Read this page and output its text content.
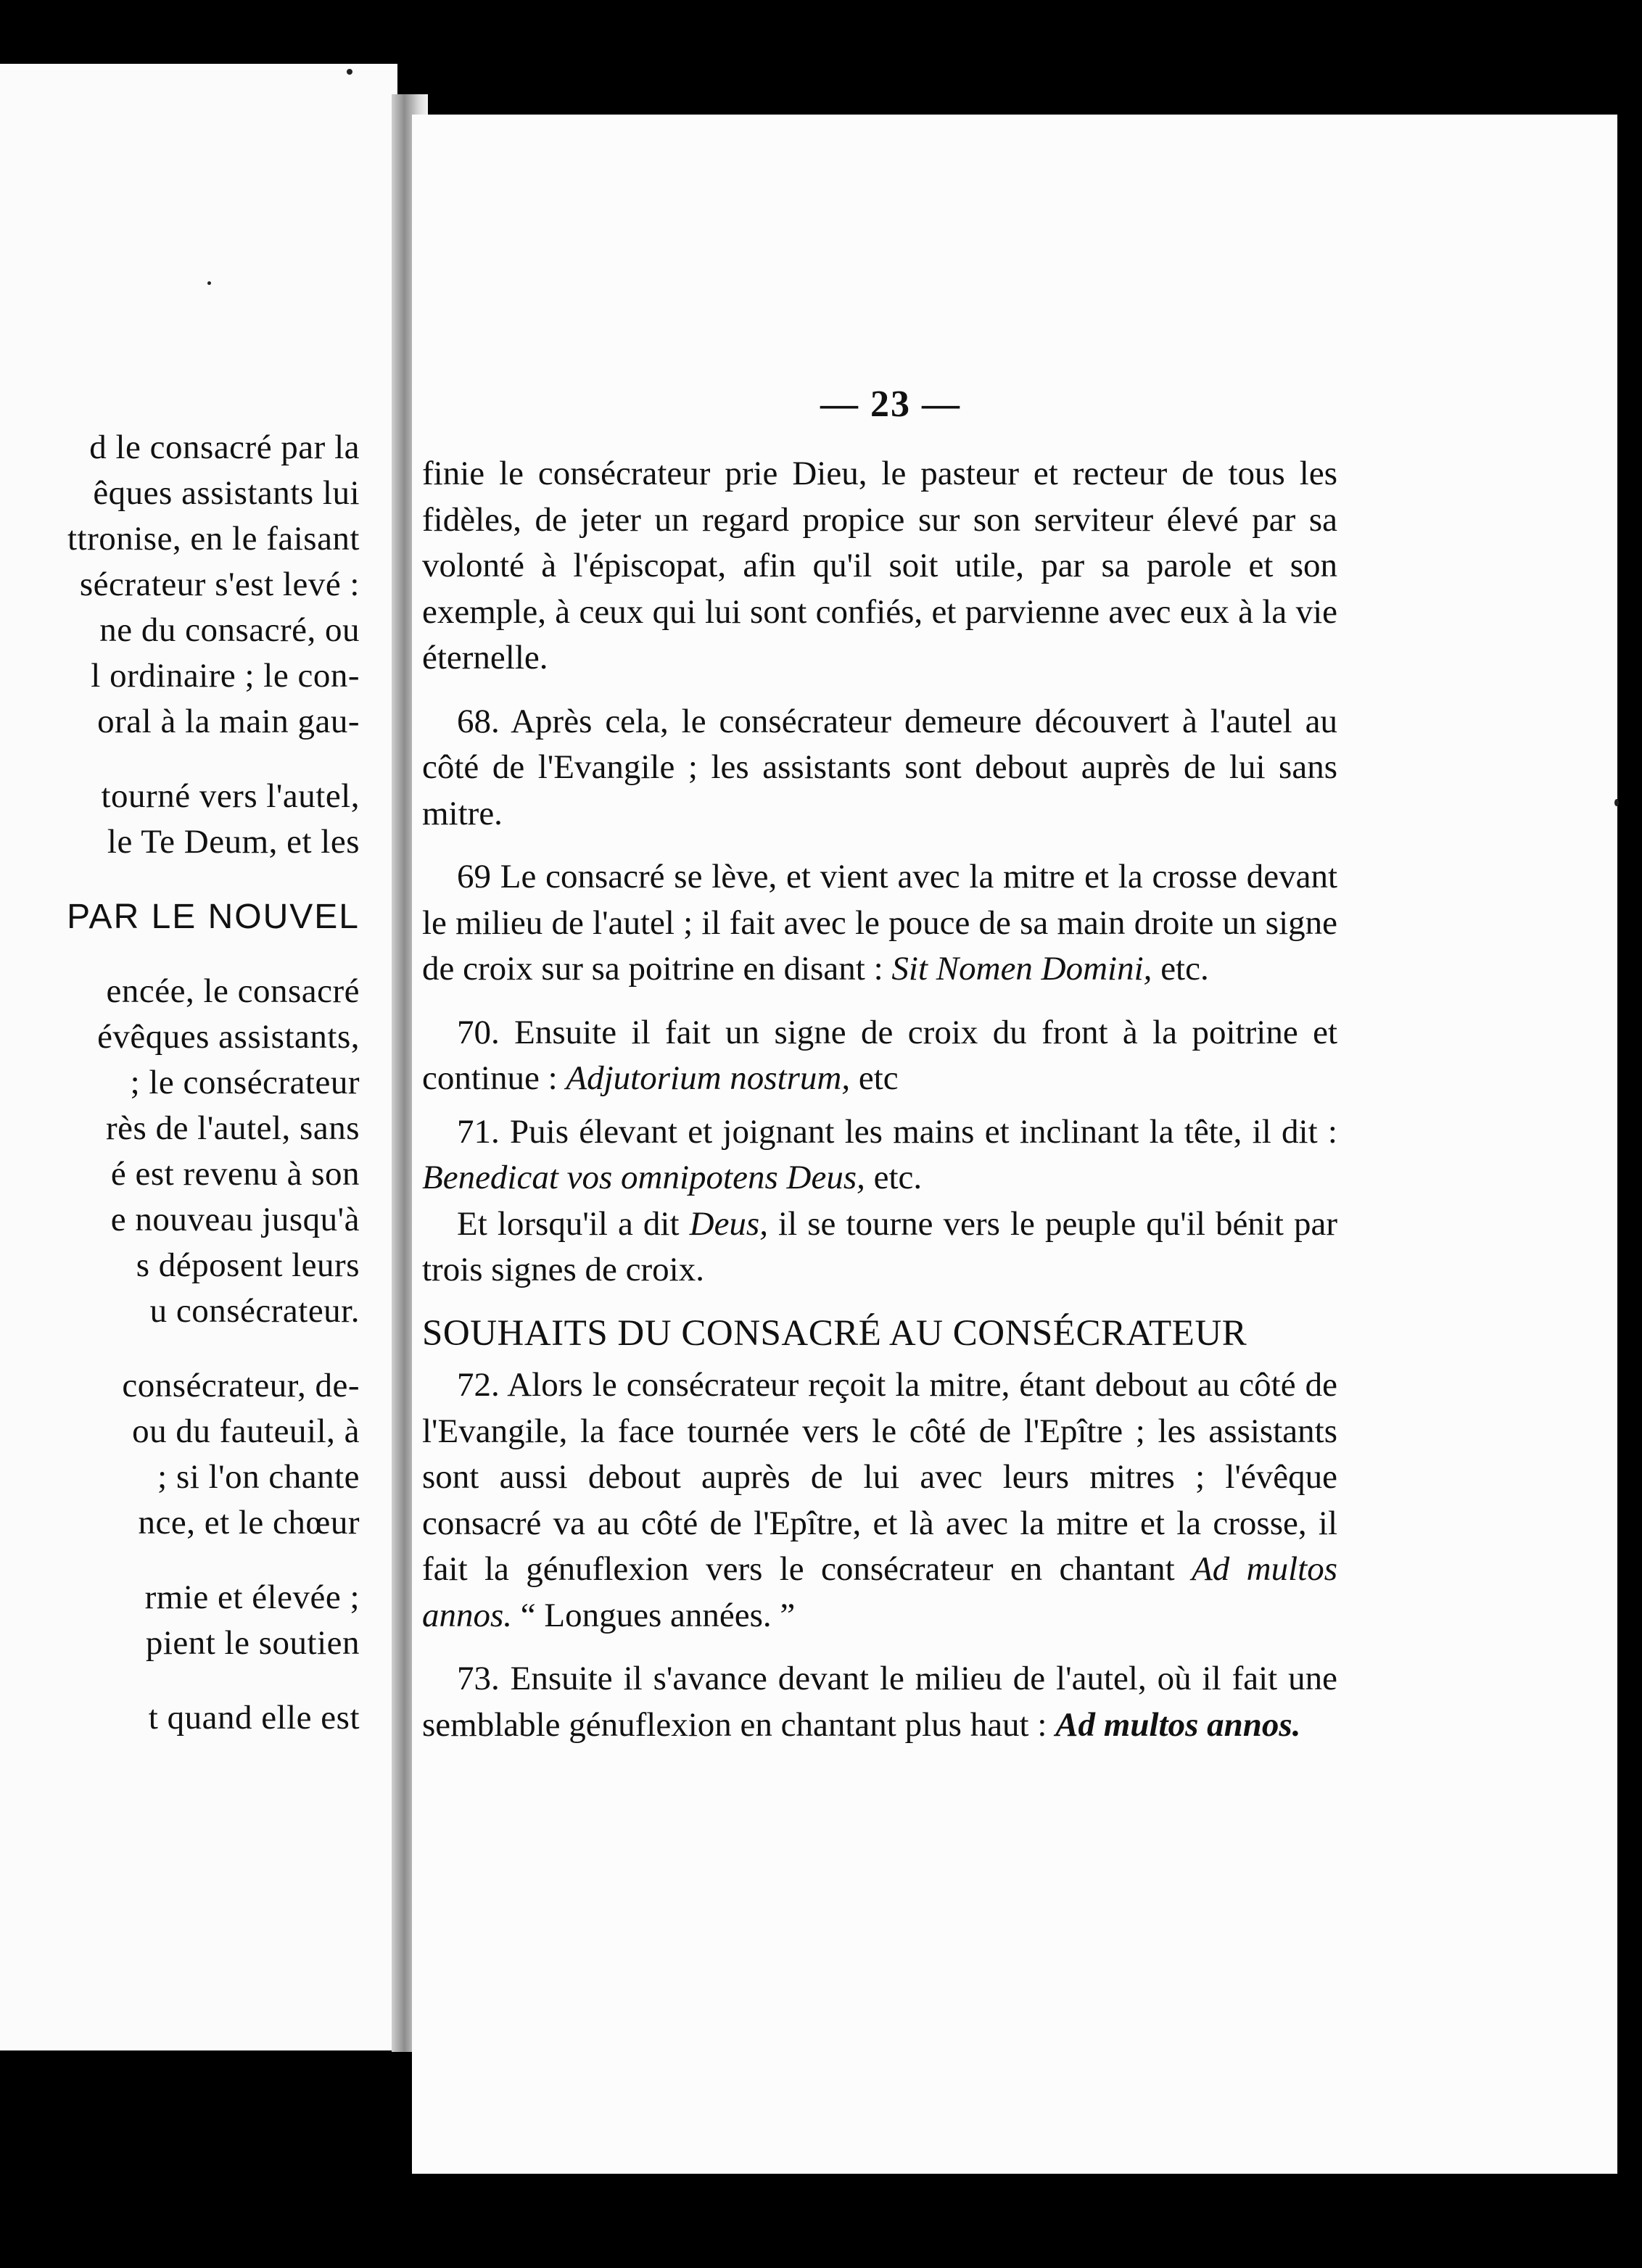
d le consacré par la
êques assistants lui
ttronise, en le faisant
sécrateur s'est levé :
ne du consacré, ou
l ordinaire ; le con-
oral à la main gau-
tourné vers l'autel,
le Te Deum, et les
PAR LE NOUVEL
encée, le consacré
évêques assistants,
; le consécrateur
rès de l'autel, sans
é est revenu à son
e nouveau jusqu'à
s déposent leurs
u consécrateur.
consécrateur, de-
ou du fauteuil, à
; si l'on chante
nce, et le chœur
rmie et élevée ;
pient le soutien
t quand elle est
— 23 —

finie le consécrateur prie Dieu, le pasteur et recteur de tous les fidèles, de jeter un regard propice sur son serviteur élevé par sa volonté à l'épiscopat, afin qu'il soit utile, par sa parole et son exemple, à ceux qui lui sont confiés, et parvienne avec eux à la vie éternelle.

68. Après cela, le consécrateur demeure découvert à l'autel au côté de l'Evangile ; les assistants sont debout auprès de lui sans mitre.

69 Le consacré se lève, et vient avec la mitre et la crosse devant le milieu de l'autel ; il fait avec le pouce de sa main droite un signe de croix sur sa poitrine en disant : Sit Nomen Domini, etc.

70. Ensuite il fait un signe de croix du front à la poitrine et continue : Adjutorium nostrum, etc

71. Puis élevant et joignant les mains et inclinant la tête, il dit : Benedicat vos omnipotens Deus, etc.

Et lorsqu'il a dit Deus, il se tourne vers le peuple qu'il bénit par trois signes de croix.

SOUHAITS DU CONSACRÉ AU CONSÉCRATEUR

72. Alors le consécrateur reçoit la mitre, étant debout au côté de l'Evangile, la face tournée vers le côté de l'Epître ; les assistants sont aussi debout auprès de lui avec leurs mitres ; l'évêque consacré va au côté de l'Epître, et là avec la mitre et la crosse, il fait la génuflexion vers le consécrateur en chantant Ad multos annos. “ Longues années. ”

73. Ensuite il s'avance devant le milieu de l'autel, où il fait une semblable génuflexion en chantant plus haut : Ad multos annos.
